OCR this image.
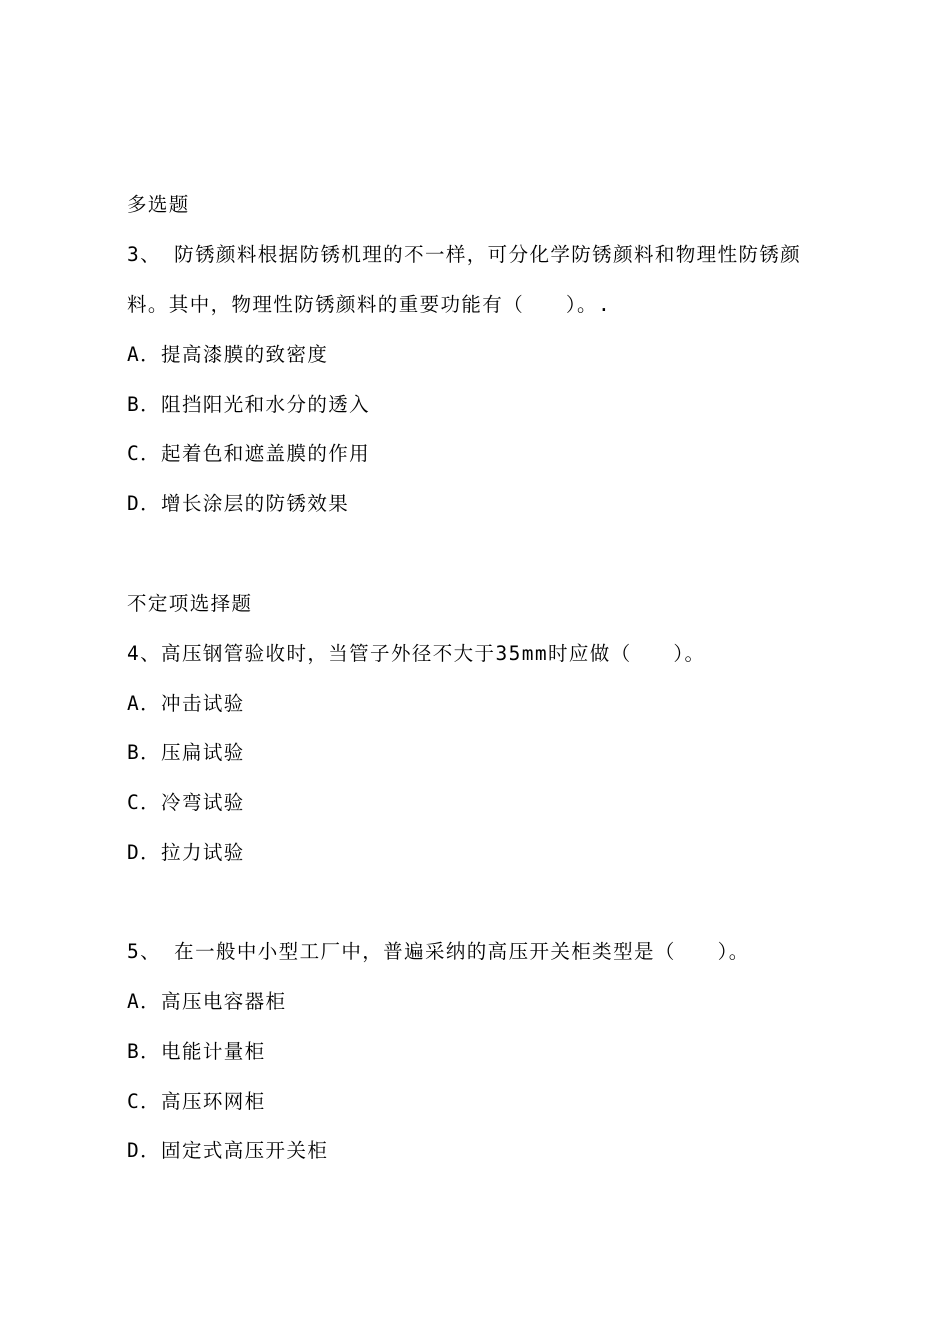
多选题
3、 防锈颜料根据防锈机理的不一样，可分化学防锈颜料和物理性防锈颜料。其中，物理性防锈颜料的重要功能有（　　）。.
A．提高漆膜的致密度
B．阻挡阳光和水分的透入
C．起着色和遮盖膜的作用
D．增长涂层的防锈效果
不定项选择题
4、高压钢管验收时，当管子外径不大于35mm时应做（　　）。
A．冲击试验
B．压扁试验
C．冷弯试验
D．拉力试验
5、 在一般中小型工厂中，普遍采纳的高压开关柜类型是（　　）。
A．高压电容器柜
B．电能计量柜
C．高压环网柜
D．固定式高压开关柜
